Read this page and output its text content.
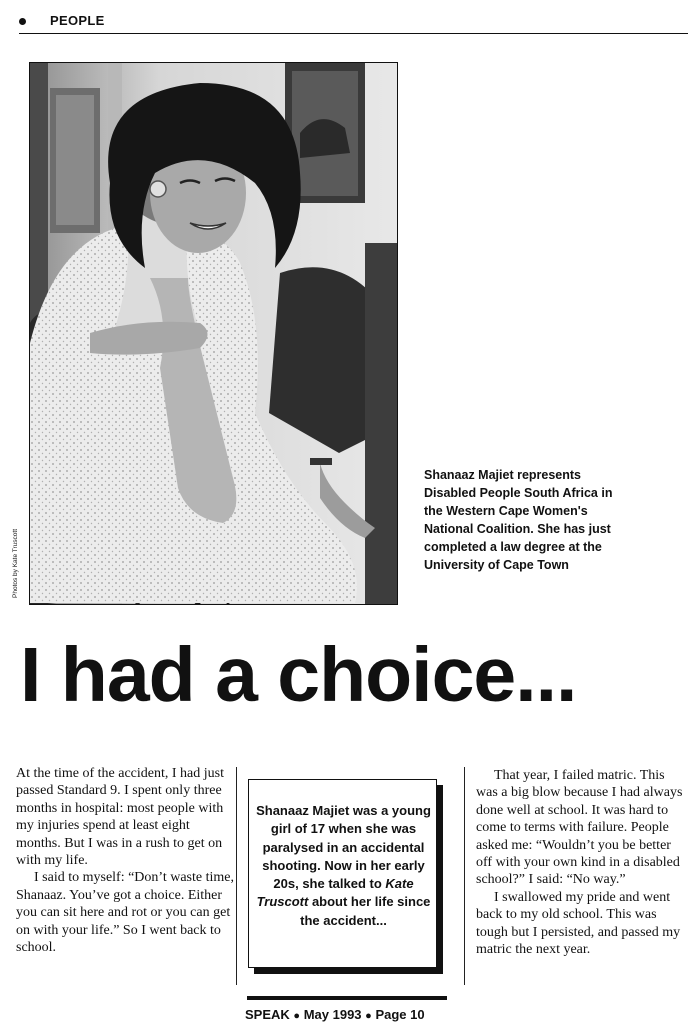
PEOPLE
Photos by Kate Truscott
Shanaaz Majiet represents Disabled People South Africa in the Western Cape Women's National Coalition. She has just completed a law degree at the University of Cape Town
I had a choice...

At the time of the accident, I had just passed Standard 9. I spent only three months in hospital: most people with my injuries spend at least eight months. But I was in a rush to get on with my life.

I said to myself: “Don’t waste time, Shanaaz. You’ve got a choice. Either you can sit here and rot or you can get on with your life.” So I went back to school.

Shanaaz Majiet was a young girl of 17 when she was paralysed in an accidental shooting. Now in her early 20s, she talked to Kate Truscott about her life since the accident...

That year, I failed matric. This was a big blow because I had always done well at school. It was hard to come to terms with failure. People asked me: “Wouldn’t you be better off with your own kind in a disabled school?” I said: “No way.”

I swallowed my pride and went back to my old school. This was tough but I persisted, and passed my matric the next year.

SPEAK ● May 1993 ● Page 10
